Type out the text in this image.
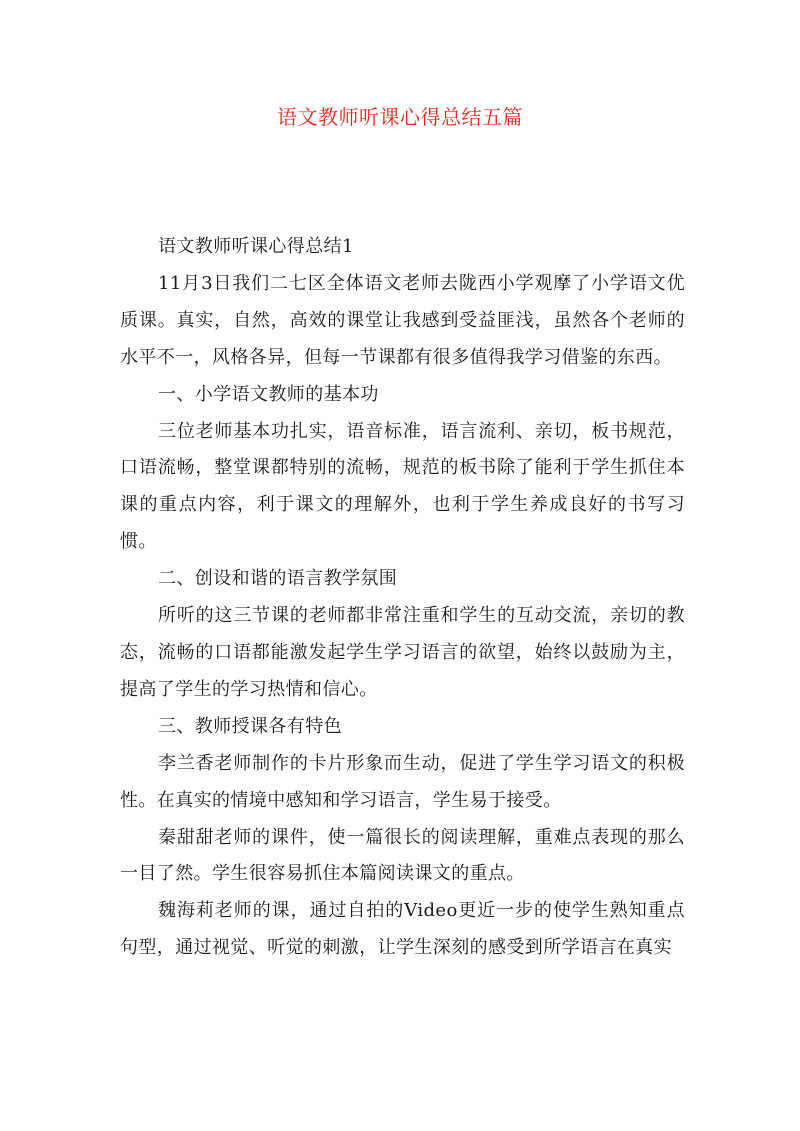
语文教师听课心得总结五篇

语文教师听课心得总结1

11月3日我们二七区全体语文老师去陇西小学观摩了小学语文优质课。真实，自然，高效的课堂让我感到受益匪浅，虽然各个老师的水平不一，风格各异，但每一节课都有很多值得我学习借鉴的东西。

一、小学语文教师的基本功

三位老师基本功扎实，语音标准，语言流利、亲切，板书规范，口语流畅，整堂课都特别的流畅，规范的板书除了能利于学生抓住本课的重点内容，利于课文的理解外，也利于学生养成良好的书写习惯。

二、创设和谐的语言教学氛围

所听的这三节课的老师都非常注重和学生的互动交流，亲切的教态，流畅的口语都能激发起学生学习语言的欲望，始终以鼓励为主，提高了学生的学习热情和信心。

三、教师授课各有特色

李兰香老师制作的卡片形象而生动，促进了学生学习语文的积极性。在真实的情境中感知和学习语言，学生易于接受。

秦甜甜老师的课件，使一篇很长的阅读理解，重难点表现的那么一目了然。学生很容易抓住本篇阅读课文的重点。

魏海莉老师的课，通过自拍的Video更近一步的使学生熟知重点句型，通过视觉、听觉的刺激，让学生深刻的感受到所学语言在真实
